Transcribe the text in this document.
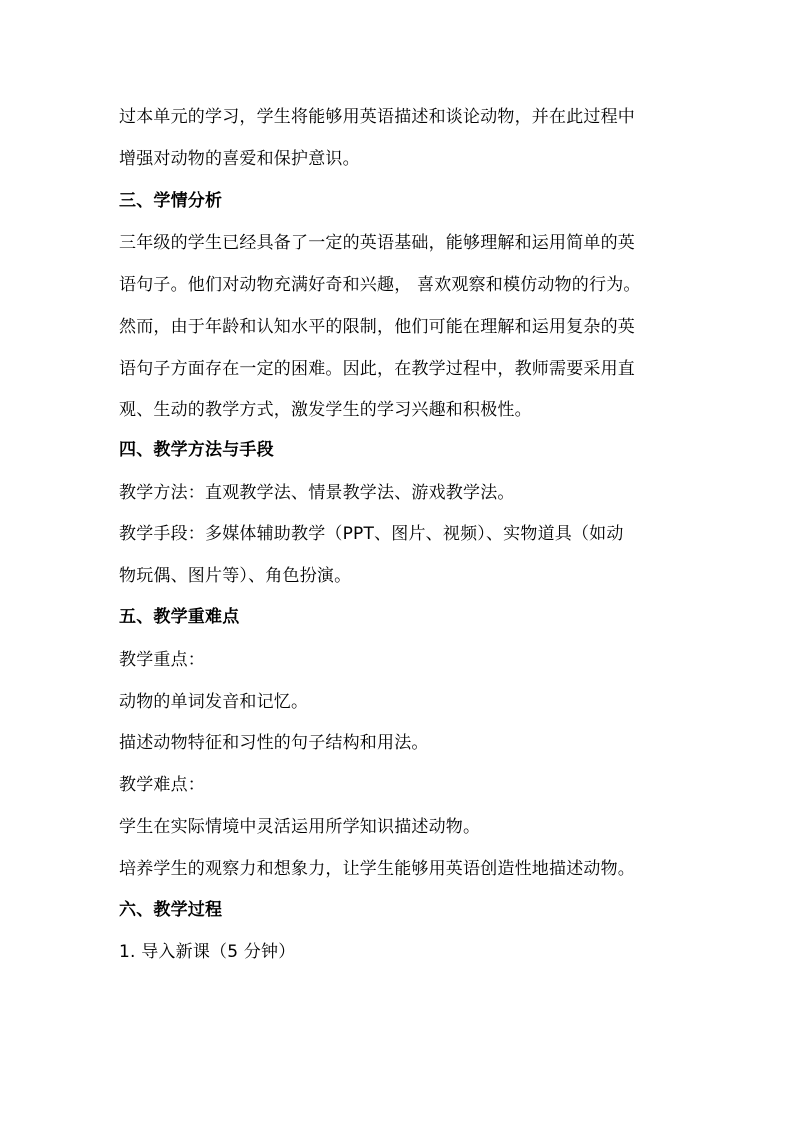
过本单元的学习，学生将能够用英语描述和谈论动物，并在此过程中
增强对动物的喜爱和保护意识。
三、学情分析
三年级的学生已经具备了一定的英语基础，能够理解和运用简单的英
语句子。他们对动物充满好奇和兴趣， 喜欢观察和模仿动物的行为。
然而，由于年龄和认知水平的限制，他们可能在理解和运用复杂的英
语句子方面存在一定的困难。因此，在教学过程中，教师需要采用直
观、生动的教学方式，激发学生的学习兴趣和积极性。
四、教学方法与手段
教学方法：直观教学法、情景教学法、游戏教学法。
教学手段：多媒体辅助教学（PPT、图片、视频）、实物道具（如动
物玩偶、图片等）、角色扮演。
五、教学重难点
教学重点：
动物的单词发音和记忆。
描述动物特征和习性的句子结构和用法。
教学难点：
学生在实际情境中灵活运用所学知识描述动物。
培养学生的观察力和想象力，让学生能够用英语创造性地描述动物。
六、教学过程
1. 导入新课（5 分钟）
